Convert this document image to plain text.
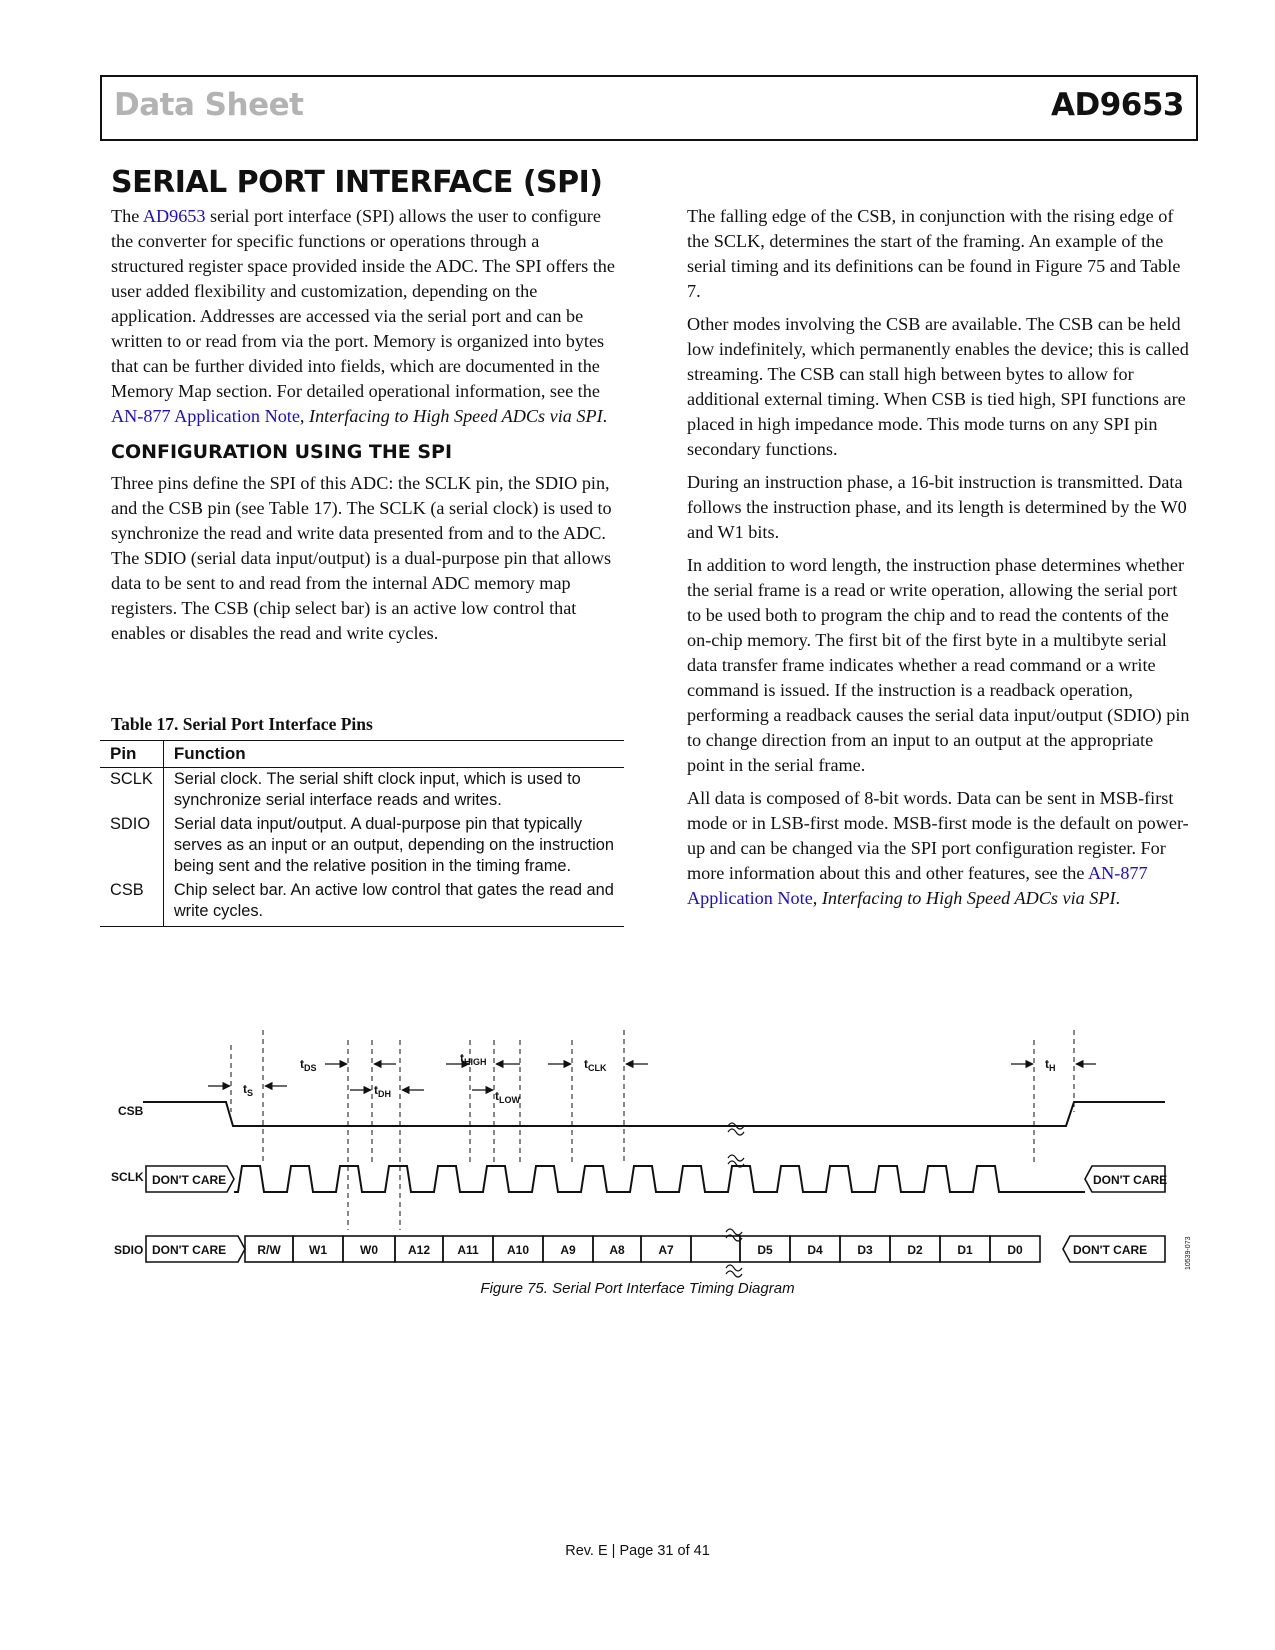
Data Sheet	AD9653
SERIAL PORT INTERFACE (SPI)

The AD9653 serial port interface (SPI) allows the user to configure the converter for specific functions or operations through a structured register space provided inside the ADC. The SPI offers the user added flexibility and customization, depending on the application. Addresses are accessed via the serial port and can be written to or read from via the port. Memory is organized into bytes that can be further divided into fields, which are documented in the Memory Map section. For detailed operational information, see the AN-877 Application Note, Interfacing to High Speed ADCs via SPI.

CONFIGURATION USING THE SPI

Three pins define the SPI of this ADC: the SCLK pin, the SDIO pin, and the CSB pin (see Table 17). The SCLK (a serial clock) is used to synchronize the read and write data presented from and to the ADC. The SDIO (serial data input/output) is a dual-purpose pin that allows data to be sent to and read from the internal ADC memory map registers. The CSB (chip select bar) is an active low control that enables or disables the read and write cycles.

Table 17. Serial Port Interface Pins
Pin	Function
SCLK	Serial clock. The serial shift clock input, which is used to synchronize serial interface reads and writes.
SDIO	Serial data input/output. A dual-purpose pin that typically serves as an input or an output, depending on the instruction being sent and the relative position in the timing frame.
CSB	Chip select bar. An active low control that gates the read and write cycles.

The falling edge of the CSB, in conjunction with the rising edge of the SCLK, determines the start of the framing. An example of the serial timing and its definitions can be found in Figure 75 and Table 7.

Other modes involving the CSB are available. The CSB can be held low indefinitely, which permanently enables the device; this is called streaming. The CSB can stall high between bytes to allow for additional external timing. When CSB is tied high, SPI functions are placed in high impedance mode. This mode turns on any SPI pin secondary functions.

During an instruction phase, a 16-bit instruction is transmitted. Data follows the instruction phase, and its length is determined by the W0 and W1 bits.

In addition to word length, the instruction phase determines whether the serial frame is a read or write operation, allowing the serial port to be used both to program the chip and to read the contents of the on-chip memory. The first bit of the first byte in a multibyte serial data transfer frame indicates whether a read command or a write command is issued. If the instruction is a readback operation, performing a readback causes the serial data input/output (SDIO) pin to change direction from an input to an output at the appropriate point in the serial frame.

All data is composed of 8-bit words. Data can be sent in MSB-first mode or in LSB-first mode. MSB-first mode is the default on power-up and can be changed via the SPI port configuration register. For more information about this and other features, see the AN-877 Application Note, Interfacing to High Speed ADCs via SPI.

$t_S$
$t_{DS}$
$t_{DH}$
$t_{HIGH}$
$t_{LOW}$
$t_{CLK}$	$t_H$
CSB
SCLK DON'T CARE	DON'T CARE
SDIO DON'T CARE	R/W W1	W0 A12 A11 A10	A9	A8	A7	D5	D4	D3	D2	D1	D0	DON'T CARE	10539-073
Figure 75. Serial Port Interface Timing Diagram
Rev. E | Page 31 of 41
